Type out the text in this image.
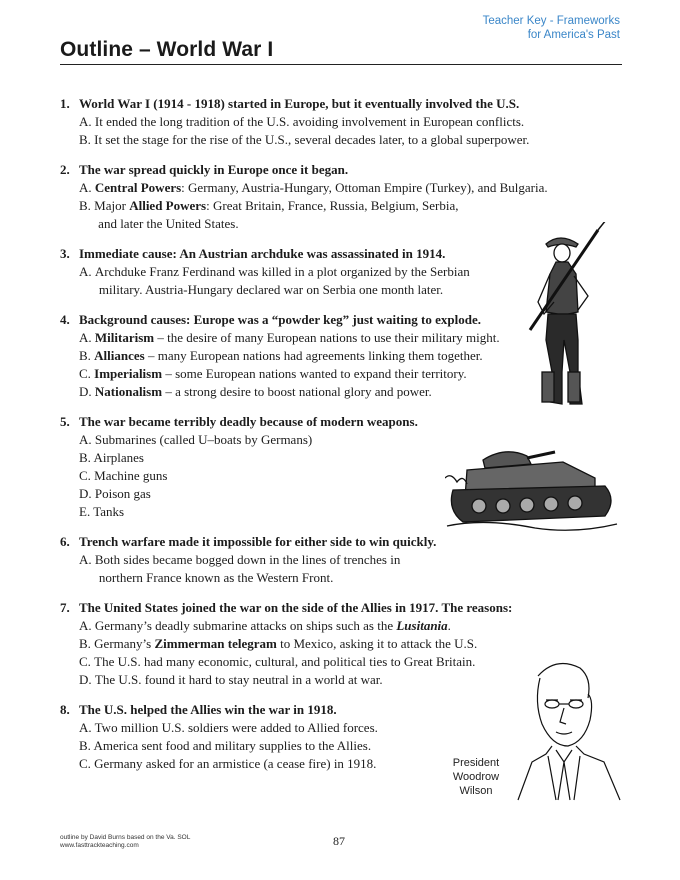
Teacher Key - Frameworks
for America's Past
Outline – World War I
1. World War I (1914 - 1918) started in Europe, but it eventually involved the U.S.
A. It ended the long tradition of the U.S. avoiding involvement in European conflicts.
B. It set the stage for the rise of the U.S., several decades later, to a global superpower.
2. The war spread quickly in Europe once it began.
A.
Central Powers: Germany, Austria-Hungary, Ottoman Empire (Turkey), and Bulgaria.
B.
Major Allied Powers: Great Britain, France, Russia, Belgium, Serbia,
and later the United States.
3. Immediate cause: An Austrian archduke was assassinated in 1914.
A.
Archduke Franz Ferdinand was killed in a plot organized by the Serbian
military. Austria-Hungary declared war on Serbia one month later.
4. Background causes: Europe was a “powder keg” just waiting to explode.
A.
Militarism – the desire of many European nations to use their military might.
B.
Alliances – many European nations had agreements linking them together.
C.
Imperialism – some European nations wanted to expand their territory.
D.
Nationalism – a strong desire to boost national glory and power.
5. The war became terribly deadly because of modern weapons.
A. Submarines (called U–boats by Germans)
B. Airplanes
C. Machine guns
D. Poison gas
E. Tanks
6. Trench warfare made it impossible for either side to win quickly.
A.
Both sides became bogged down in the lines of trenches in
northern France known as the Western Front.
7. The United States joined the war on the side of the Allies in 1917. The reasons:
A.
Germany’s deadly submarine attacks on ships such as the Lusitania.
B.
Germany’s Zimmerman telegram to Mexico, asking it to attack the U.S.
C.
The U.S. had many economic, cultural, and political ties to Great Britain.
D.
The U.S. found it hard to stay neutral in a world at war.
8. The U.S. helped the Allies win the war in 1918.
A. Two million U.S. soldiers were added to Allied forces.
B. America sent food and military supplies to the Allies.
C. Germany asked for an armistice (a cease fire) in 1918.	President
Woodrow
Wilson
outline by David Burns based on the Va. SOL
www.fasttrackteaching.com	87
